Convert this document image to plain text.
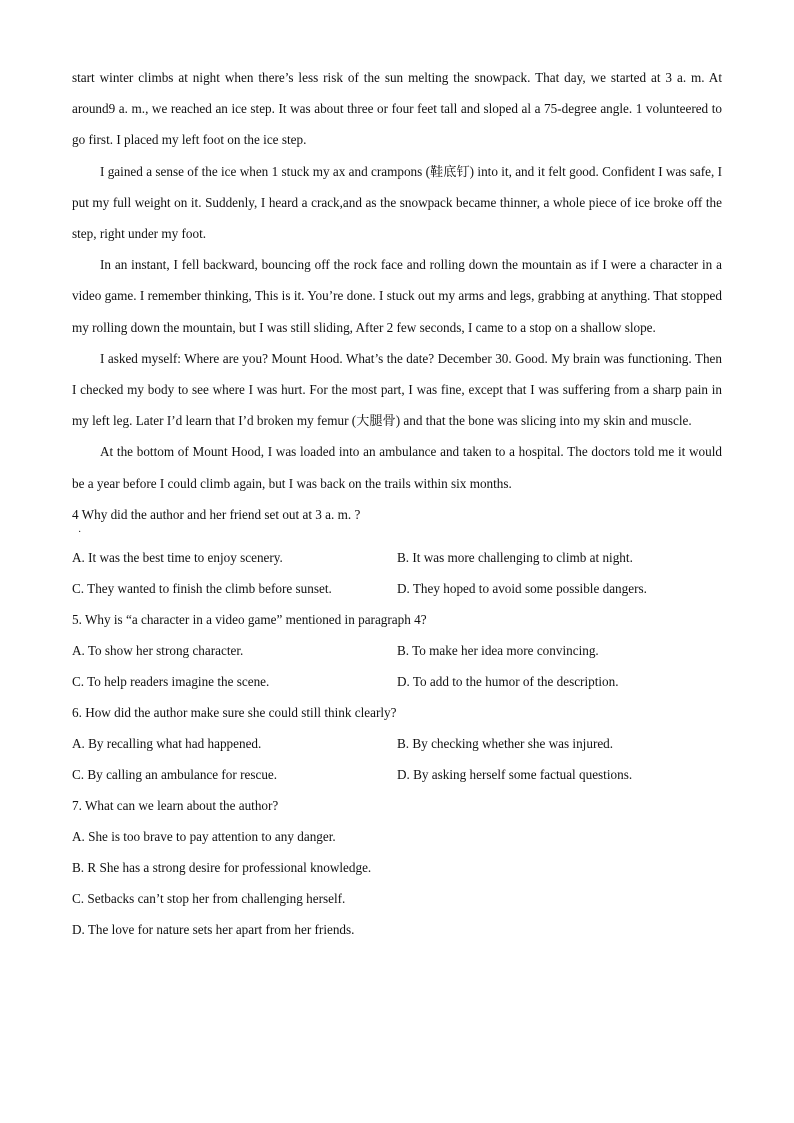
start winter climbs at night when there’s less risk of the sun melting the snowpack. That day, we started at 3 a. m. At around9 a. m., we reached an ice step. It was about three or four feet tall and sloped al a 75-degree angle. 1 volunteered to go first. I placed my left foot on the ice step.

I gained a sense of the ice when 1 stuck my ax and crampons (鞋底钉) into it, and it felt good. Confident I was safe, I put my full weight on it. Suddenly, I heard a crack,and as the snowpack became thinner, a whole piece of ice broke off the step, right under my foot.

In an instant, I fell backward, bouncing off the rock face and rolling down the mountain as if I were a character in a video game. I remember thinking, This is it. You’re done. I stuck out my arms and legs, grabbing at anything. That stopped my rolling down the mountain, but I was still sliding, After 2 few seconds, I came to a stop on a shallow slope.

I asked myself: Where are you? Mount Hood. What’s the date? December 30. Good. My brain was functioning. Then I checked my body to see where I was hurt. For the most part, I was fine, except that I was suffering from a sharp pain in my left leg. Later I’d learn that I’d broken my femur (大腿骨) and that the bone was slicing into my skin and muscle.

At the bottom of Mount Hood, I was loaded into an ambulance and taken to a hospital. The doctors told me it would be a year before I could climb again, but I was back on the trails within six months.

4 Why did the author and her friend set out at 3 a. m. ?

·
A. It was the best time to enjoy scenery.	B. It was more challenging to climb at night.
C. They wanted to finish the climb before sunset.	D. They hoped to avoid some possible dangers.

5. Why is “a character in a video game” mentioned in paragraph 4?

A. To show her strong character.	B. To make her idea more convincing.
C. To help readers imagine the scene.	D. To add to the humor of the description.

6. How did the author make sure she could still think clearly?

A. By recalling what had happened.	B. By checking whether she was injured.
C. By calling an ambulance for rescue.	D. By asking herself some factual questions.

7. What can we learn about the author?

A. She is too brave to pay attention to any danger.

B. R She has a strong desire for professional knowledge.

C. Setbacks can’t stop her from challenging herself.

D. The love for nature sets her apart from her friends.
